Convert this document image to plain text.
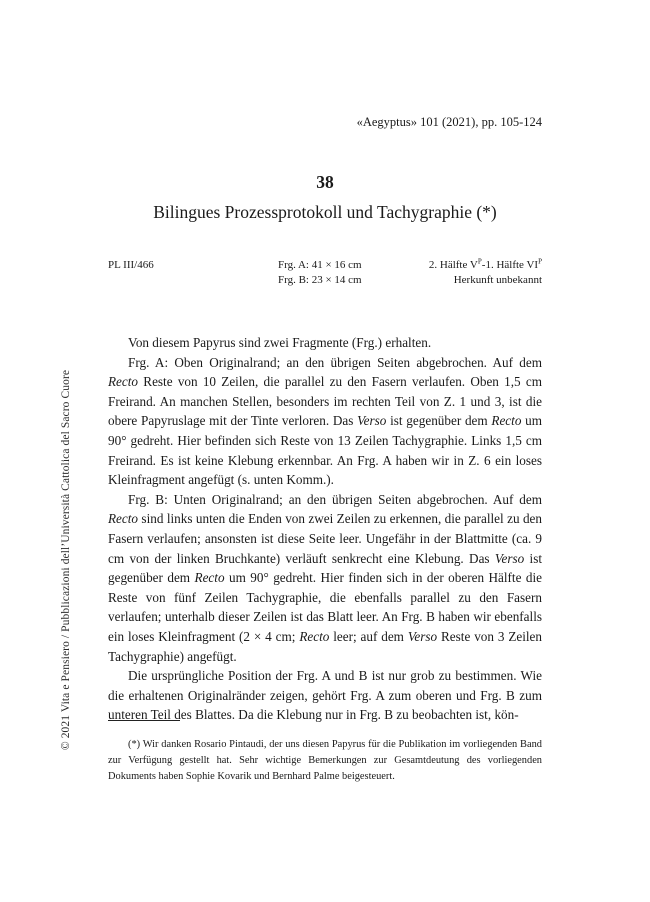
© 2021 Vita e Pensiero / Pubblicazioni dell’Università Cattolica del Sacro Cuore
«Aegyptus» 101 (2021), pp. 105-124
38
Bilingues Prozessprotokoll und Tachygraphie (*)
PL III/466	Frg. A: 41 × 16 cm
Frg. B: 23 × 14 cm
2. Hälfte $V^P-1$. Hälfte $VI^P$
Herkunft unbekannt

Von diesem Papyrus sind zwei Fragmente (Frg.) erhalten.

Frg. A: Oben Originalrand; an den übrigen Seiten abgebrochen. Auf dem Recto Reste von 10 Zeilen, die parallel zu den Fasern verlaufen. Oben 1,5 cm Freirand. An manchen Stellen, besonders im rechten Teil von Z. 1 und 3, ist die obere Papyruslage mit der Tinte verloren. Das Verso ist gegenüber dem Recto um 90° gedreht. Hier befinden sich Reste von 13 Zeilen Tachygraphie. Links 1,5 cm Freirand. Es ist keine Klebung erkennbar. An Frg. A haben wir in Z. 6 ein loses Kleinfragment angefügt (s. unten Komm.).

Frg. B: Unten Originalrand; an den übrigen Seiten abgebrochen. Auf dem Recto sind links unten die Enden von zwei Zeilen zu erkennen, die parallel zu den Fasern verlaufen; ansonsten ist diese Seite leer. Ungefähr in der Blattmitte (ca. 9 cm von der linken Bruchkante) verläuft senkrecht eine Klebung. Das Verso ist gegenüber dem Recto um 90° gedreht. Hier finden sich in der oberen Hälfte die Reste von fünf Zeilen Tachygraphie, die ebenfalls parallel zu den Fasern verlaufen; unterhalb dieser Zeilen ist das Blatt leer. An Frg. B haben wir ebenfalls ein loses Kleinfragment (2 × 4 cm; Recto leer; auf dem Verso Reste von 3 Zeilen Tachygraphie) angefügt.

Die ursprüngliche Position der Frg. A und B ist nur grob zu bestimmen. Wie die erhaltenen Originalränder zeigen, gehört Frg. A zum oberen und Frg. B zum unteren Teil des Blattes. Da die Klebung nur in Frg. B zu beobachten ist, kön-

(*) Wir danken Rosario Pintaudi, der uns diesen Papyrus für die Publikation im vorliegenden Band zur Verfügung gestellt hat. Sehr wichtige Bemerkungen zur Gesamtdeutung des vorliegenden Dokuments haben Sophie Kovarik und Bernhard Palme beigesteuert.
